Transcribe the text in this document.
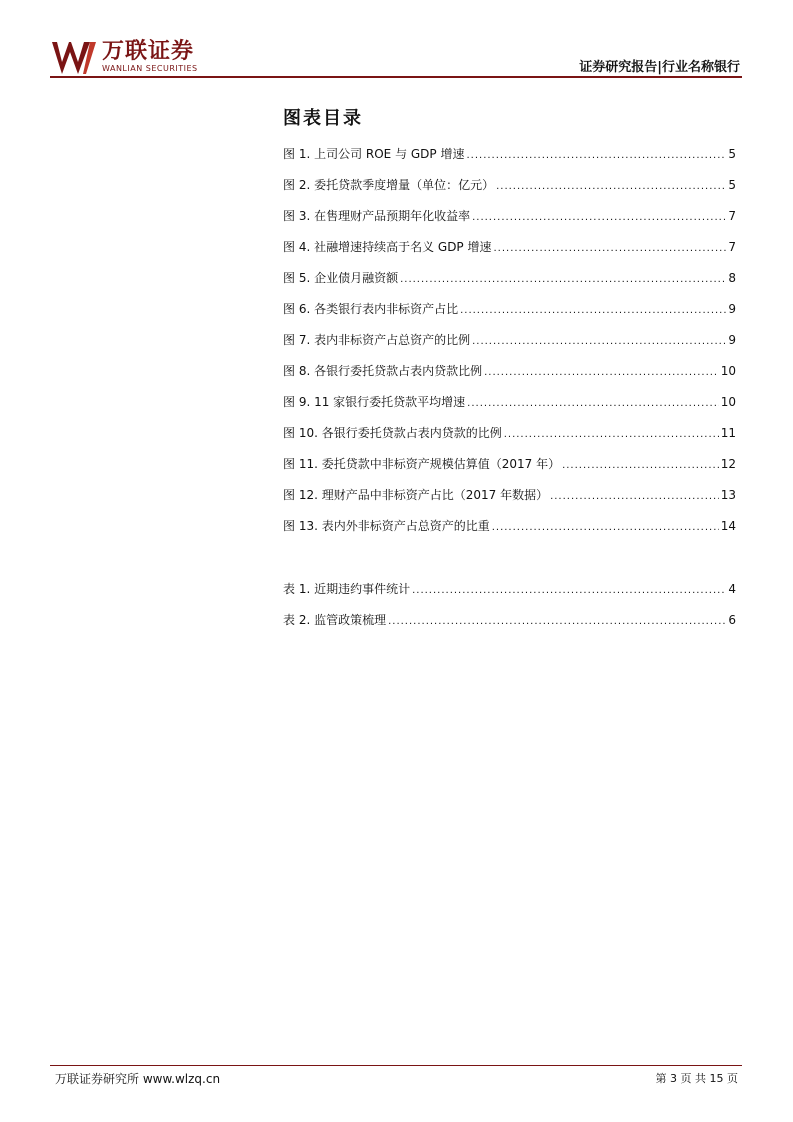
万联证券
WANLIAN SECURITIES	证券研究报告|行业名称银行
图表目录
图 1. 上司公司 ROE 与 GDP 增速 .....	5
图 2. 委托贷款季度增量（单位：亿元） .....	5
图 3. 在售理财产品预期年化收益率 .....	7
图 4. 社融增速持续高于名义 GDP 增速 .....	7
图 5. 企业债月融资额 .....	8
图 6. 各类银行表内非标资产占比 .....	9
图 7. 表内非标资产占总资产的比例 .....	9
图 8. 各银行委托贷款占表内贷款比例 .....	10
图 9. 11 家银行委托贷款平均增速 .....	10
图 10. 各银行委托贷款占表内贷款的比例 .....	11
图 11. 委托贷款中非标资产规模估算值（2017 年） .....	12
图 12. 理财产品中非标资产占比（2017 年数据） .....	13
图 13. 表内外非标资产占总资产的比重 .....	14
表 1. 近期违约事件统计 .....	4
表 2. 监管政策梳理 .....	6
万联证券研究所 www.wlzq.cn	第 3 页 共 15 页
